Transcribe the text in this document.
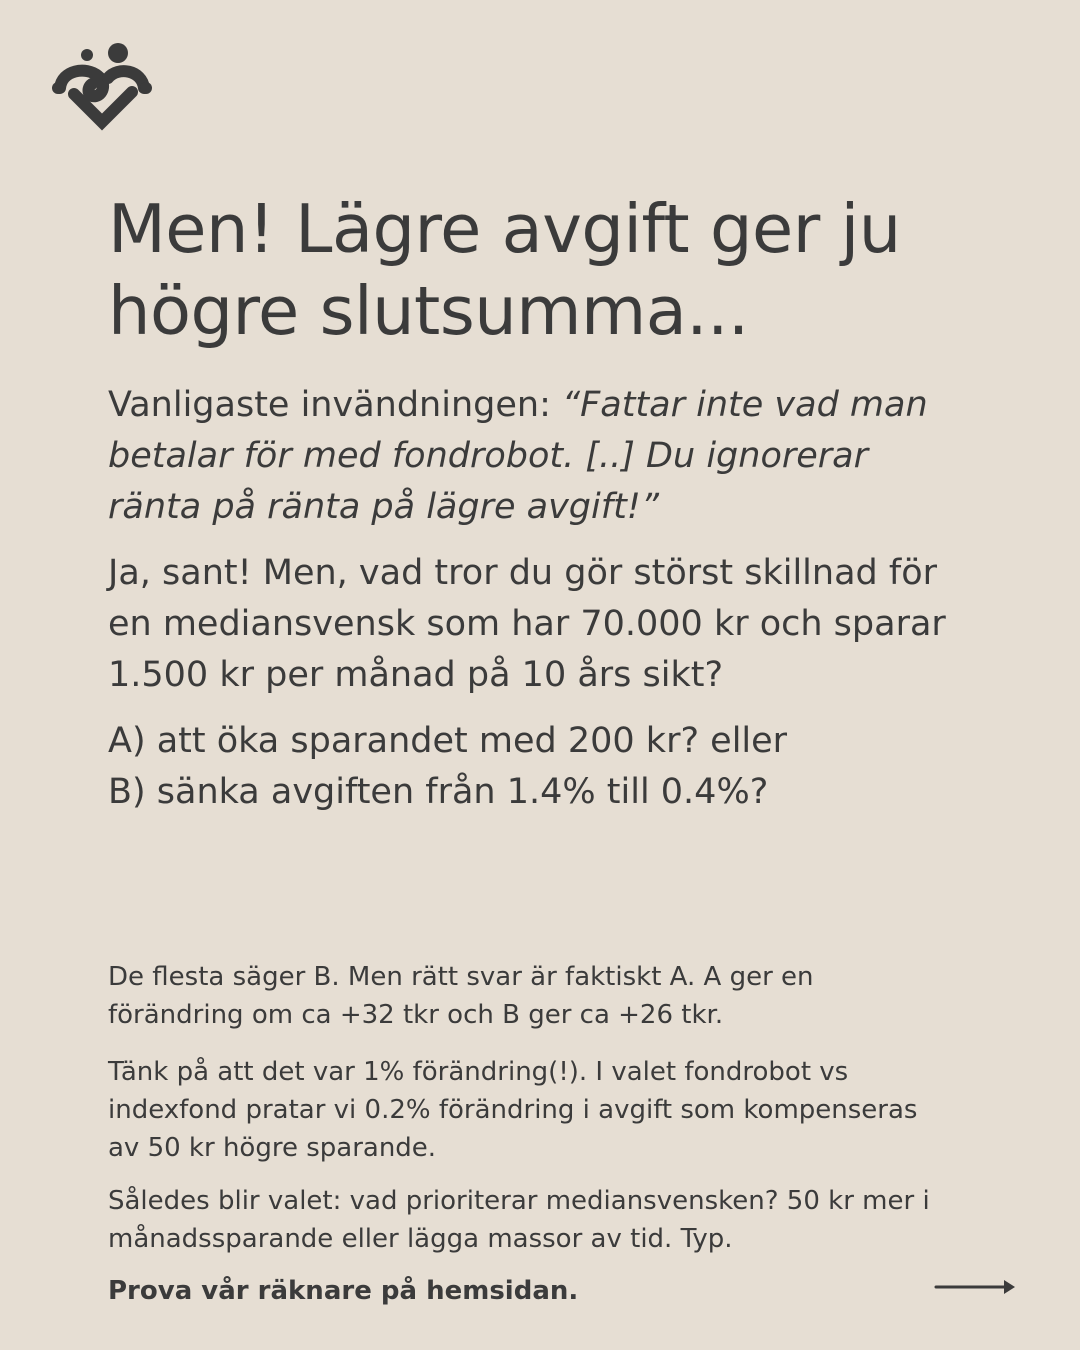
Men! Lägre avgift ger ju högre slutsumma...

Vanligaste invändningen: “Fattar inte vad man betalar för med fondrobot. [..] Du ignorerar ränta på ränta på lägre avgift!”

Ja, sant! Men, vad tror du gör störst skillnad för en mediansvensk som har 70.000 kr och sparar 1.500 kr per månad på 10 års sikt?

A) att öka sparandet med 200 kr? eller
B) sänka avgiften från 1.4% till 0.4%?

De flesta säger B. Men rätt svar är faktiskt A. A ger en förändring om ca +32 tkr och B ger ca +26 tkr.

Tänk på att det var 1% förändring(!). I valet fondrobot vs indexfond pratar vi 0.2% förändring i avgift som kompenseras av 50 kr högre sparande.

Således blir valet: vad prioriterar mediansvensken? 50 kr mer i månadssparande eller lägga massor av tid. Typ.

Prova vår räknare på hemsidan.
